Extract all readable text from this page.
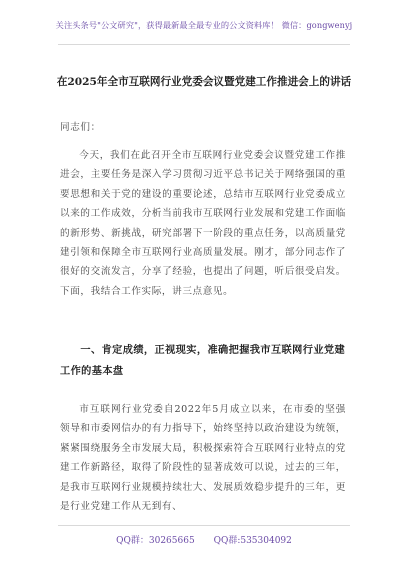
关注头条号"公文研究"，获得最新最全最专业的公文资料库！ 微信：gongwenyj
在2025年全市互联网行业党委会议暨党建工作推进会上的讲话
同志们：
今天，我们在此召开全市互联网行业党委会议暨党建工作推进会，主要任务是深入学习贯彻习近平总书记关于网络强国的重要思想和关于党的建设的重要论述，总结市互联网行业党委成立以来的工作成效，分析当前我市互联网行业发展和党建工作面临的新形势、新挑战，研究部署下一阶段的重点任务，以高质量党建引领和保障全市互联网行业高质量发展。刚才，部分同志作了很好的交流发言，分享了经验，也提出了问题，听后很受启发。下面，我结合工作实际，讲三点意见。
一、肯定成绩，正视现实，准确把握我市互联网行业党建工作的基本盘
市互联网行业党委自2022年5月成立以来，在市委的坚强领导和市委网信办的有力指导下，始终坚持以政治建设为统领，紧紧围绕服务全市发展大局，积极探索符合互联网行业特点的党建工作新路径，取得了阶段性的显著成效可以说，过去的三年，是我市互联网行业规模持续壮大、发展质效稳步提升的三年，更是行业党建工作从无到有、
QQ群：30265665 QQ群:535304092
